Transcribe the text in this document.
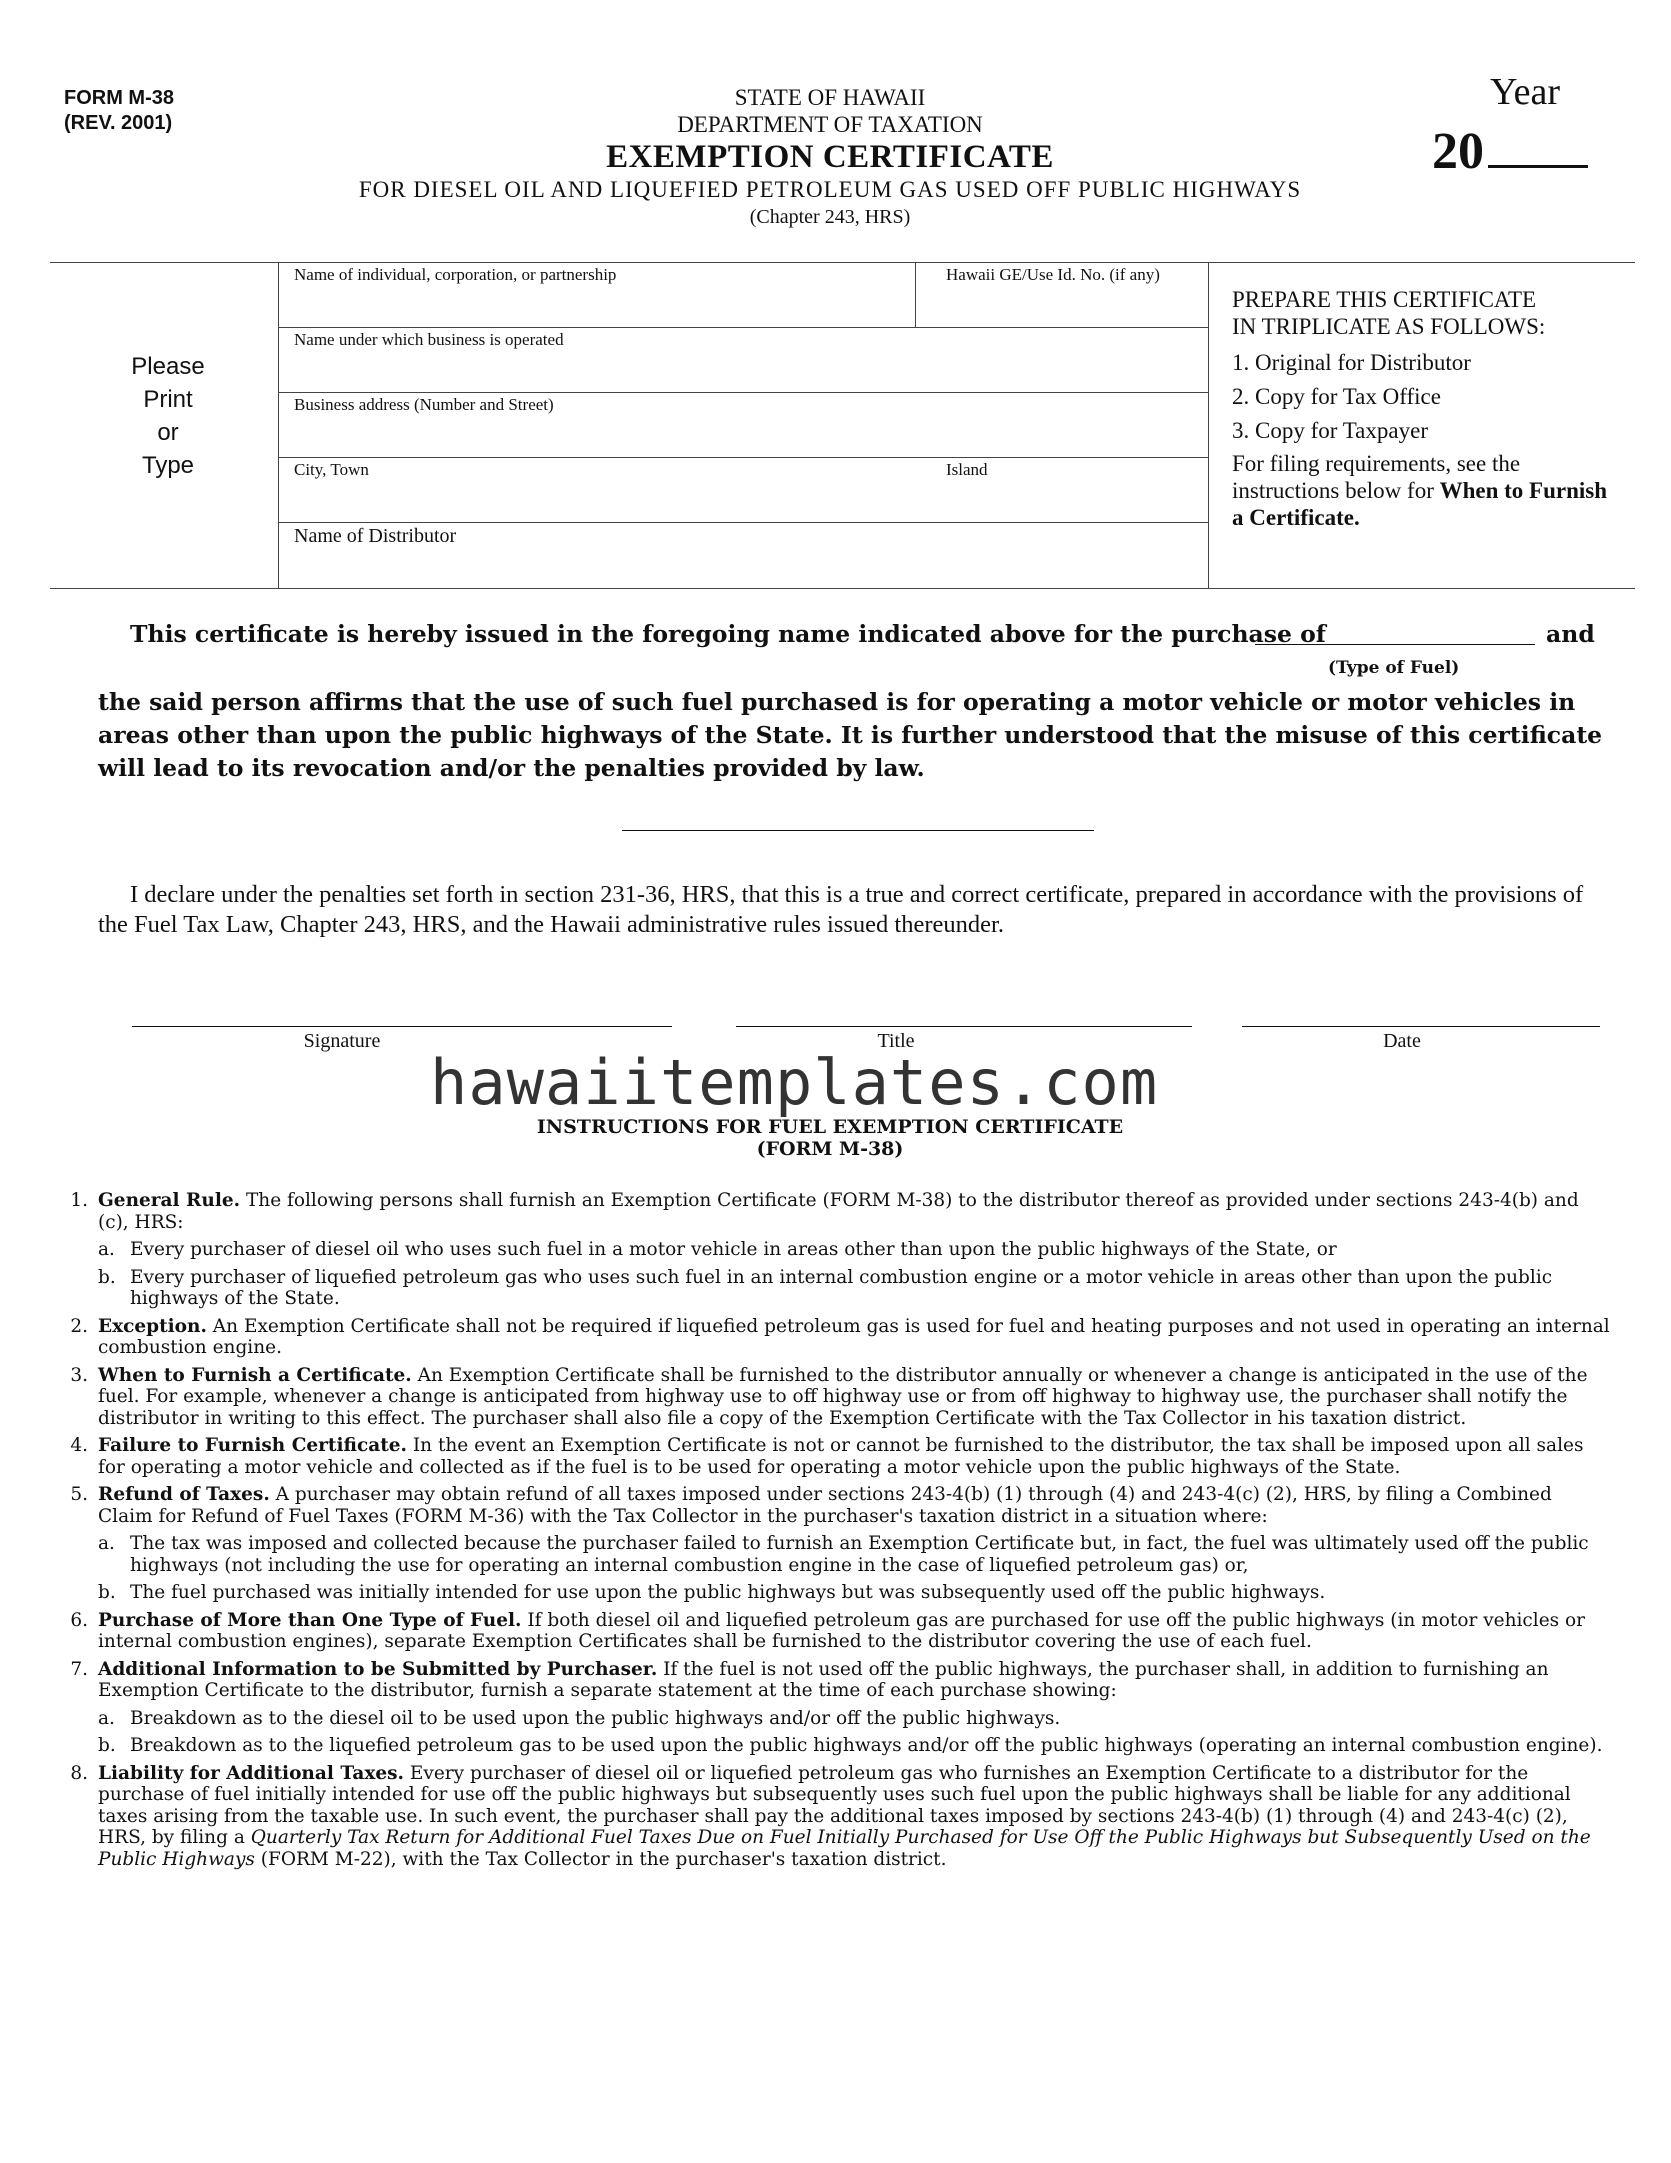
FORM M-38
(REV. 2001)
STATE OF HAWAII
DEPARTMENT OF TAXATION
EXEMPTION CERTIFICATE
FOR DIESEL OIL AND LIQUEFIED PETROLEUM GAS USED OFF PUBLIC HIGHWAYS
(Chapter 243, HRS)
Year
20
Please
Print
or
Type
Name of individual, corporation, or partnership	Hawaii GE/Use Id. No. (if any)
Name under which business is operated
Business address (Number and Street)
City, Town	Island
Name of Distributor
PREPARE THIS CERTIFICATE
IN TRIPLICATE AS FOLLOWS:
1. Original for Distributor
2. Copy for Tax Office
3. Copy for Taxpayer
For filing requirements, see the instructions below for When to Furnish a Certificate.
This certificate is hereby issued in the foregoing name indicated above for the purchase of	and
(Type of Fuel)
the said person affirms that the use of such fuel purchased is for operating a motor vehicle or motor vehicles in areas other than upon the public highways of the State. It is further understood that the misuse of this certificate will lead to its revocation and/or the penalties provided by law.
I declare under the penalties set forth in section 231-36, HRS, that this is a true and correct certificate, prepared in accordance with the provisions of the Fuel Tax Law, Chapter 243, HRS, and the Hawaii administrative rules issued thereunder.
Signature	Title	Date
hawaiitemplates.com
INSTRUCTIONS FOR FUEL EXEMPTION CERTIFICATE
(FORM M-38)
1. General Rule. The following persons shall furnish an Exemption Certificate (FORM M-38) to the distributor thereof as provided under sections 243-4(b) and (c), HRS:

a. Every purchaser of diesel oil who uses such fuel in a motor vehicle in areas other than upon the public highways of the State, or

b. Every purchaser of liquefied petroleum gas who uses such fuel in an internal combustion engine or a motor vehicle in areas other than upon the public highways of the State.

2. Exception. An Exemption Certificate shall not be required if liquefied petroleum gas is used for fuel and heating purposes and not used in operating an internal combustion engine.

3. When to Furnish a Certificate. An Exemption Certificate shall be furnished to the distributor annually or whenever a change is anticipated in the use of the fuel. For example, whenever a change is anticipated from highway use to off highway use or from off highway to highway use, the purchaser shall notify the distributor in writing to this effect. The purchaser shall also file a copy of the Exemption Certificate with the Tax Collector in his taxation district.

4. Failure to Furnish Certificate. In the event an Exemption Certificate is not or cannot be furnished to the distributor, the tax shall be imposed upon all sales for operating a motor vehicle and collected as if the fuel is to be used for operating a motor vehicle upon the public highways of the State.

5. Refund of Taxes. A purchaser may obtain refund of all taxes imposed under sections 243-4(b) (1) through (4) and 243-4(c) (2), HRS, by filing a Combined Claim for Refund of Fuel Taxes (FORM M-36) with the Tax Collector in the purchaser's taxation district in a situation where:

a. The tax was imposed and collected because the purchaser failed to furnish an Exemption Certificate but, in fact, the fuel was ultimately used off the public highways (not including the use for operating an internal combustion engine in the case of liquefied petroleum gas) or,

b. The fuel purchased was initially intended for use upon the public highways but was subsequently used off the public highways.

6. Purchase of More than One Type of Fuel. If both diesel oil and liquefied petroleum gas are purchased for use off the public highways (in motor vehicles or internal combustion engines), separate Exemption Certificates shall be furnished to the distributor covering the use of each fuel.

7. Additional Information to be Submitted by Purchaser. If the fuel is not used off the public highways, the purchaser shall, in addition to furnishing an Exemption Certificate to the distributor, furnish a separate statement at the time of each purchase showing:

a. Breakdown as to the diesel oil to be used upon the public highways and/or off the public highways.

b. Breakdown as to the liquefied petroleum gas to be used upon the public highways and/or off the public highways (operating an internal combustion engine).

8. Liability for Additional Taxes. Every purchaser of diesel oil or liquefied petroleum gas who furnishes an Exemption Certificate to a distributor for the purchase of fuel initially intended for use off the public highways but subsequently uses such fuel upon the public highways shall be liable for any additional taxes arising from the taxable use. In such event, the purchaser shall pay the additional taxes imposed by sections 243-4(b) (1) through (4) and 243-4(c) (2), HRS, by filing a Quarterly Tax Return for Additional Fuel Taxes Due on Fuel Initially Purchased for Use Off the Public Highways but Subsequently Used on the Public Highways (FORM M-22), with the Tax Collector in the purchaser's taxation district.
